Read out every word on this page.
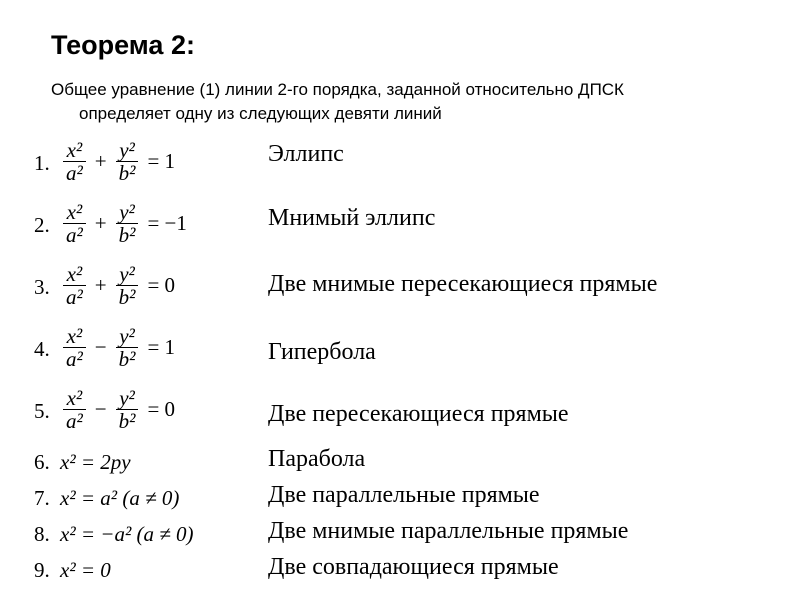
Теорема 2:
Общее уравнение (1) линии 2-го порядка, заданной относительно ДПСК
определяет одну из следующих девяти линий
1. $\frac{\text{x²}}{\text{a²}} + \frac{\text{y²}}{\text{b²}} = 1$	Эллипс
2. $\frac{\text{x²}}{\text{a²}} + \frac{\text{y²}}{\text{b²}} = -1$	Мнимый эллипс
3. $\frac{\text{x²}}{\text{a²}} + \frac{\text{y²}}{\text{b²}} = 0$	Две мнимые пересекающиеся прямые
4. $\frac{\text{x²}}{\text{a²}} - \frac{\text{y²}}{\text{b²}} = 1$	Гипербола
5. $\frac{\text{x²}}{\text{a²}} - \frac{\text{y²}}{\text{b²}} = 0$	Две пересекающиеся прямые
6. x² = 2py	Парабола
7. x² = a² (a ≠ 0)	Две параллельные прямые
8. x² = −a² (a ≠ 0)	Две мнимые параллельные прямые
9. x² = 0	Две совпадающиеся прямые
